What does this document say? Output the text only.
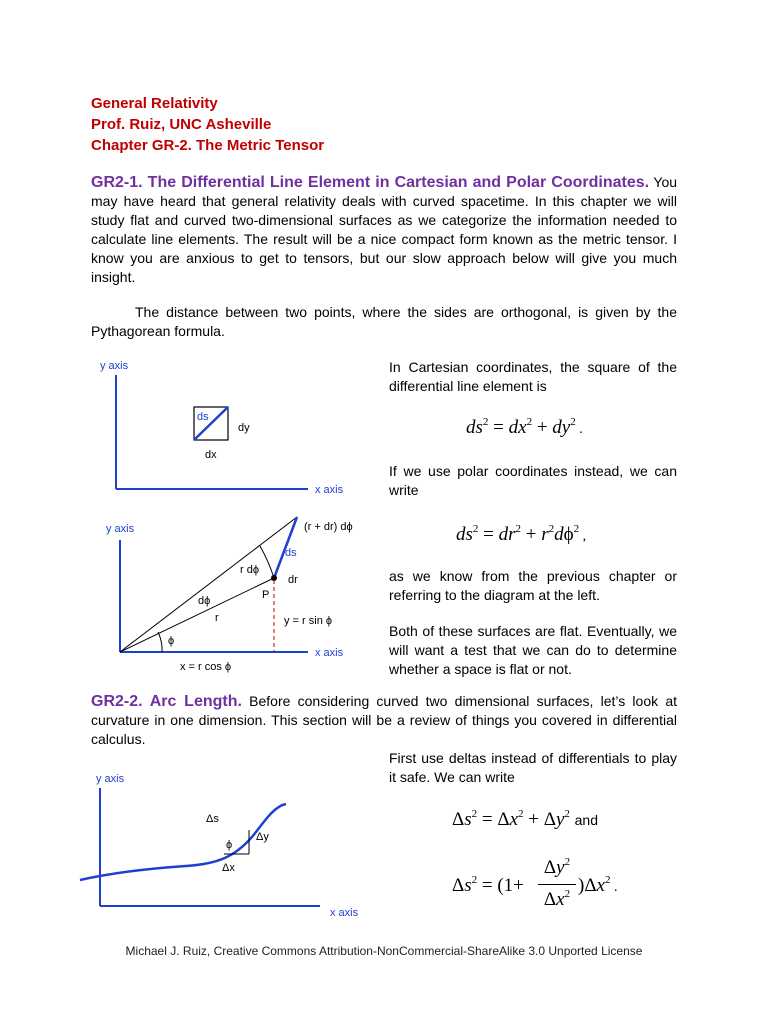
General Relativity
Prof. Ruiz, UNC Asheville
Chapter GR-2. The Metric Tensor
GR2-1. The Differential Line Element in Cartesian and Polar Coordinates. You may have heard that general relativity deals with curved spacetime. In this chapter we will study flat and curved two-dimensional surfaces as we categorize the information needed to calculate line elements. The result will be a nice compact form known as the metric tensor. I know you are anxious to get to tensors, but our slow approach below will give you much insight.
The distance between two points, where the sides are orthogonal, is given by the Pythagorean formula.
y axis
x axis
ds
dy
dx
y axis
x axis
(r + dr) dϕ
ds
r dϕ
dr
dϕ	P
r	y = r sin ϕ
ϕ
x = r cos ϕ
In Cartesian coordinates, the square of the differential line element is
$ds^2 = dx^2 + dy^2$ .
If we use polar coordinates instead, we can write
$ds^2 = dr^2 + r^2d\phi^2$ ,
as we know from the previous chapter or referring to the diagram at the left.
Both of these surfaces are flat. Eventually, we will want a test that we can do to determine whether a space is flat or not.
GR2-2. Arc Length. Before considering curved two dimensional surfaces, let’s look at curvature in one dimension. This section will be a review of things you covered in differential calculus.
First use deltas instead of differentials to play it safe. We can write
y axis
x axis
Δs
ϕ
Δy
Δx
$\Delta s^2 = \Delta x^2 + \Delta y^2$ and
$\Delta s^2 = (1+$
$\Delta y^2$
$\Delta x^2$ )$\Delta x^2$ .
Michael J. Ruiz, Creative Commons Attribution-NonCommercial-ShareAlike 3.0 Unported License
